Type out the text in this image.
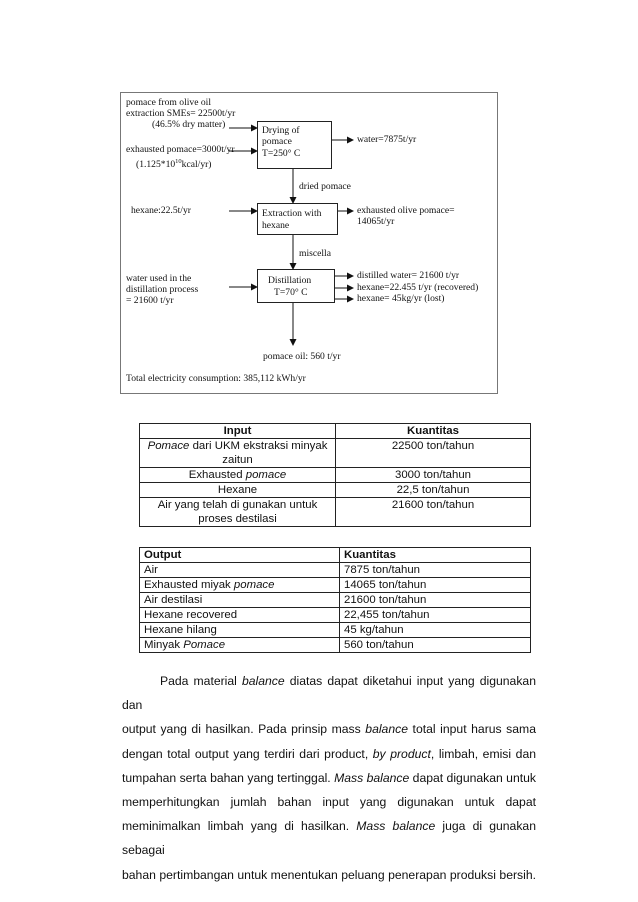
pomace from olive oil
extraction SMEs= 22500t/yr
(46.5% dry matter)
exhausted pomace=3000t/yr
$(1.125*10^{10}kcal/yr)$
hexane:22.5t/yr
water used in the
distillation process
= 21600 t/yr
Drying of
pomace
T=250° C
Extraction with
hexane
Distillation
T=70° C
dried pomace
miscella
water=7875t/yr
exhausted olive pomace=
14065t/yr
distilled water= 21600 t/yr
hexane=22.455 t/yr (recovered)
hexane= 45kg/yr (lost)
pomace oil: 560 t/yr
Total electricity consumption: 385,112 kWh/yr
Input	Kuantitas
Pomace dari UKM ekstraksi minyak zaitun	22500 ton/tahun
Exhausted pomace	3000 ton/tahun
Hexane	22,5 ton/tahun
Air yang telah di gunakan untuk proses destilasi	21600 ton/tahun
Output	Kuantitas
Air	7875 ton/tahun
Exhausted miyak pomace	14065 ton/tahun
Air destilasi	21600 ton/tahun
Hexane recovered	22,455 ton/tahun
Hexane hilang	45 kg/tahun
Minyak Pomace	560 ton/tahun
Pada material balance diatas dapat diketahui input yang digunakan dan
output yang di hasilkan. Pada prinsip mass balance total input harus sama
dengan total output yang terdiri dari product, by product, limbah, emisi dan
tumpahan serta bahan yang tertinggal. Mass balance dapat digunakan untuk
memperhitungkan jumlah bahan input yang digunakan untuk dapat
meminimalkan limbah yang di hasilkan. Mass balance juga di gunakan sebagai
bahan pertimbangan untuk menentukan peluang penerapan produksi bersih.
